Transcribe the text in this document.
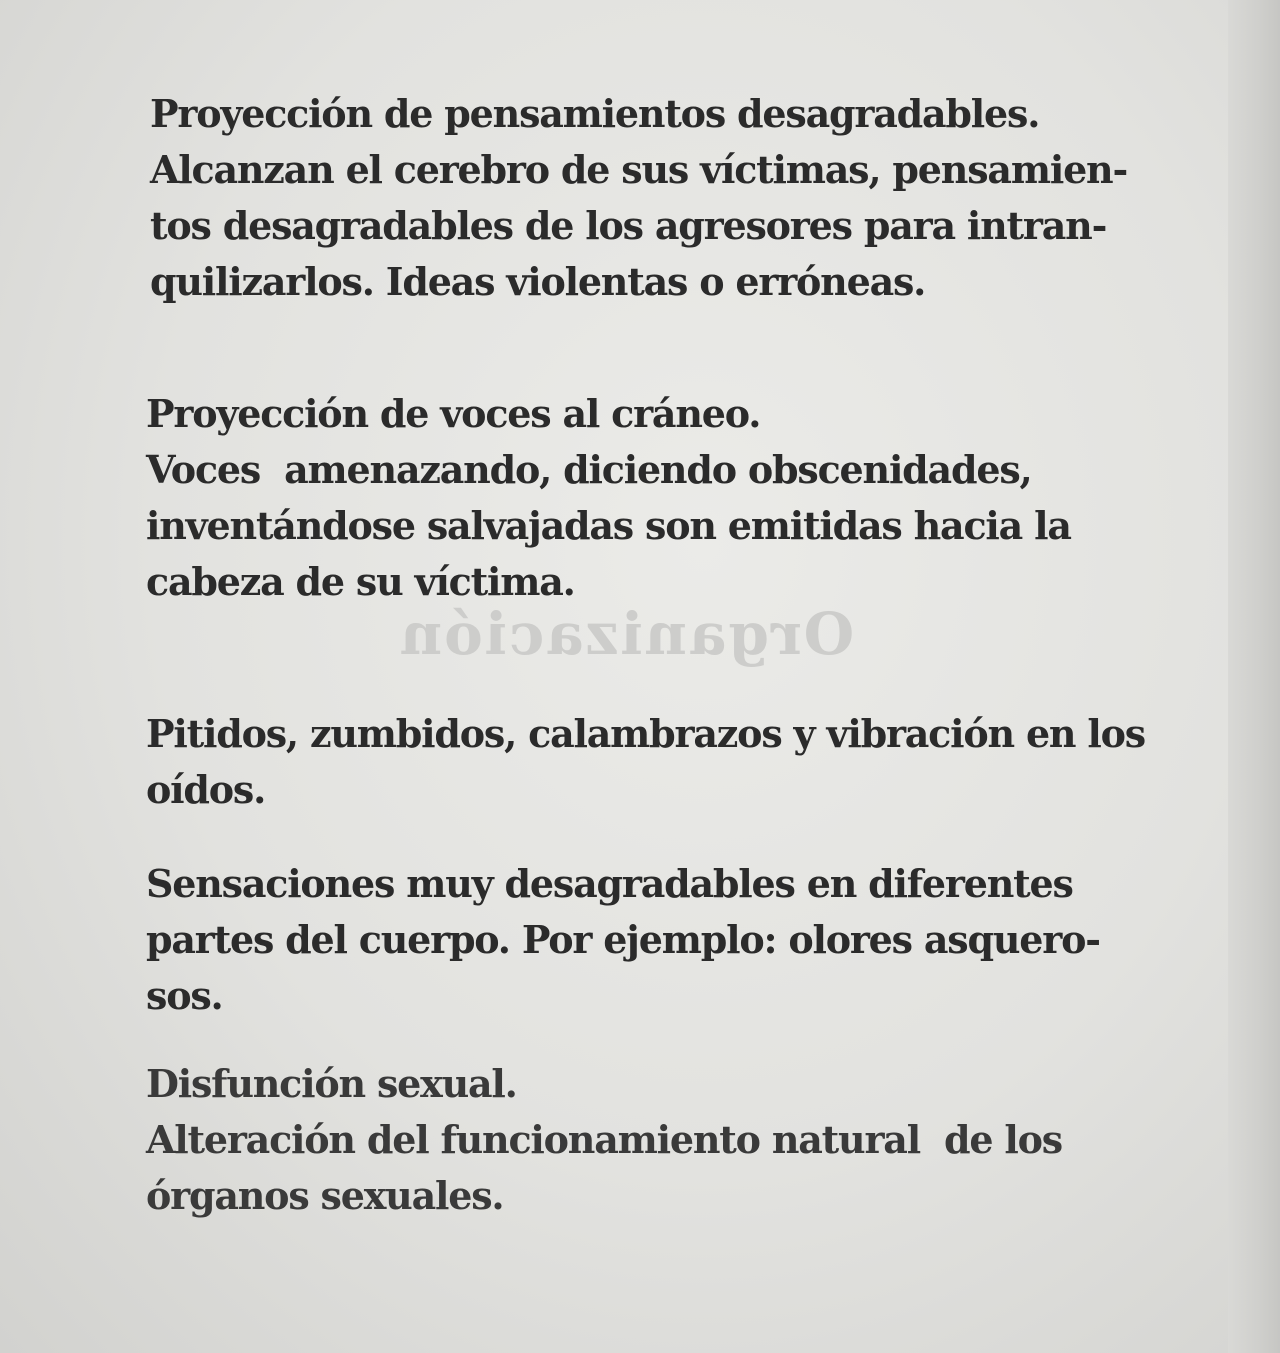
Organización
Proyección de pensamientos desagradables.
Alcanzan el cerebro de sus víctimas, pensamien-
tos desagradables de los agresores para intran-
quilizarlos. Ideas violentas o erróneas.
Proyección de voces al cráneo.
Voces  amenazando, diciendo obscenidades,
inventándose salvajadas son emitidas hacia la
cabeza de su víctima.
Pitidos, zumbidos, calambrazos y vibración en los
oídos.
Sensaciones muy desagradables en diferentes
partes del cuerpo. Por ejemplo: olores asquero-
sos.
Disfunción sexual.
Alteración del funcionamiento natural  de los
órganos sexuales.
